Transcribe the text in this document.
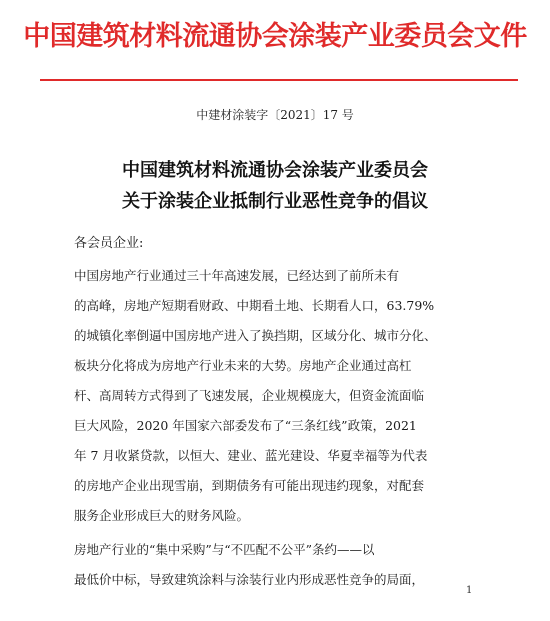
中国建筑材料流通协会涂装产业委员会文件
中建材涂装字〔2021〕17 号
中国建筑材料流通协会涂装产业委员会
关于涂装企业抵制行业恶性竞争的倡议
各会员企业:
中国房地产行业通过三十年高速发展，已经达到了前所未有
的高峰，房地产短期看财政、中期看土地、长期看人口，63.79%
的城镇化率倒逼中国房地产进入了换挡期，区域分化、城市分化、
板块分化将成为房地产行业未来的大势。房地产企业通过高杠
杆、高周转方式得到了飞速发展，企业规模庞大，但资金流面临
巨大风险，2020 年国家六部委发布了“三条红线”政策，2021
年 7 月收紧贷款，以恒大、建业、蓝光建设、华夏幸福等为代表
的房地产企业出现雪崩，到期债务有可能出现违约现象，对配套
服务企业形成巨大的财务风险。
房地产行业的“集中采购”与“不匹配不公平”条约——以
最低价中标，导致建筑涂料与涂装行业内形成恶性竞争的局面，
1
